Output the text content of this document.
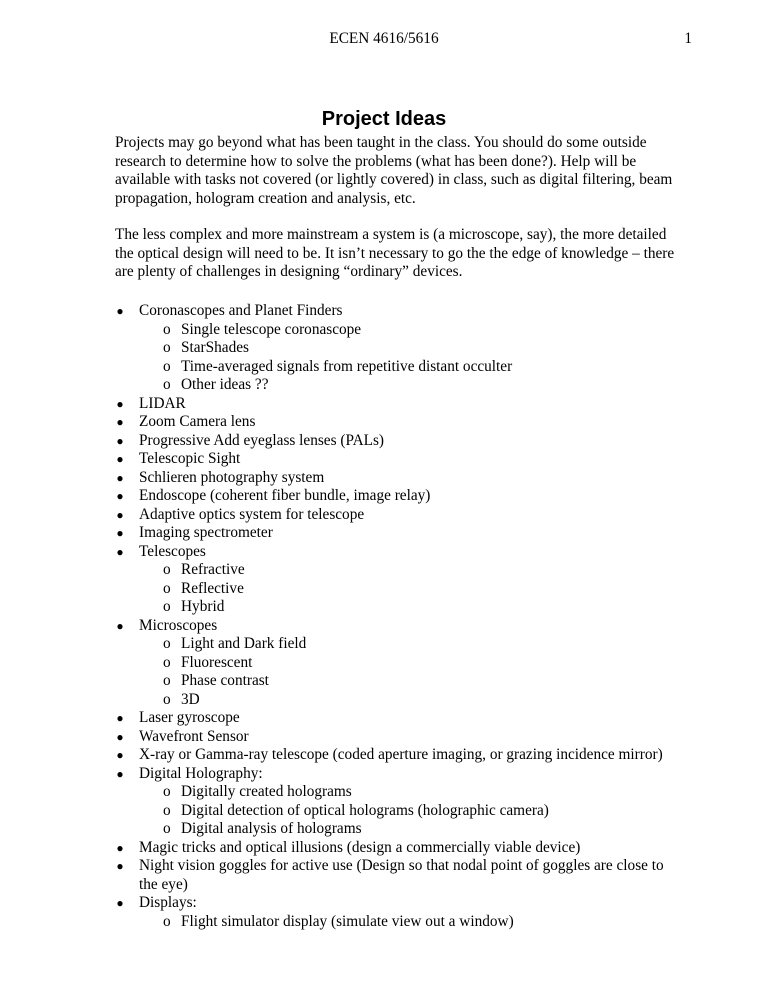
ECEN 4616/5616	1
Project Ideas

Projects may go beyond what has been taught in the class. You should do some outside research to determine how to solve the problems (what has been done?). Help will be available with tasks not covered (or lightly covered) in class, such as digital filtering, beam propagation, hologram creation and analysis, etc.

The less complex and more mainstream a system is (a microscope, say), the more detailed the optical design will need to be. It isn’t necessary to go the the edge of knowledge – there are plenty of challenges in designing “ordinary” devices.

● Coronascopes and Planet Finders
o Single telescope coronascope
o StarShades
o Time-averaged signals from repetitive distant occulter
o Other ideas ??
● LIDAR
● Zoom Camera lens
● Progressive Add eyeglass lenses (PALs)
● Telescopic Sight
● Schlieren photography system
● Endoscope (coherent fiber bundle, image relay)
● Adaptive optics system for telescope
● Imaging spectrometer
● Telescopes
o Refractive
o Reflective
o Hybrid
● Microscopes
o Light and Dark field
o Fluorescent
o Phase contrast
o 3D
● Laser gyroscope
● Wavefront Sensor
● X-ray or Gamma-ray telescope (coded aperture imaging, or grazing incidence mirror)
● Digital Holography:
o Digitally created holograms
o Digital detection of optical holograms (holographic camera)
o Digital analysis of holograms
● Magic tricks and optical illusions (design a commercially viable device)
● Night vision goggles for active use (Design so that nodal point of goggles are close to the eye)
● Displays:
o Flight simulator display (simulate view out a window)
